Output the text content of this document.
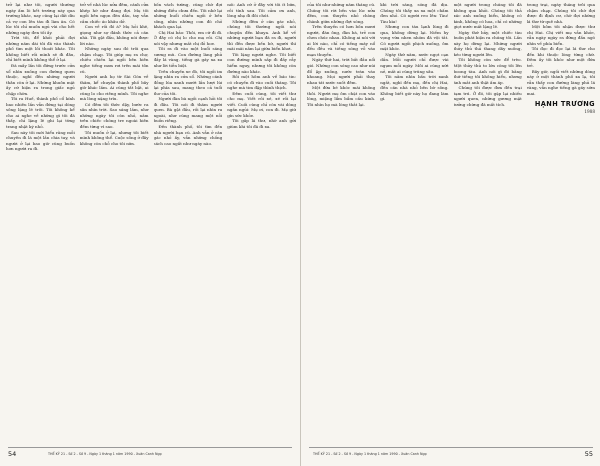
trở lại như tôi, người thường ngày ấm lò hết trường này qua trường khác, nay cũng lại dắt díu cả vợ con lên tàu đi làm ăn. Có lúc tôi chỉ muốn ngủ vùi cho hết những ngày đen tối ấy.

Trời tôi, để khỏi phải đợi những năm dài tôi đã vào thành phố tìm một lối thoát khác. Tôi không biết rồi mình sẽ đi đâu, chỉ biết mình không thể ở lại.

Đã mấy lần tôi đứng trước cửa sổ nhìn xuống con đường quen thuộc, nghĩ đến những người thân còn ở lại. Những khuôn mặt ấy cứ hiện ra trong giấc ngủ chập chờn.

Tôi ra Huế, thành phố cổ kính bao nhiêu lần vẫn đứng tại dòng sông lặng lẽ trôi. Tôi không kể cho ai nghe về những gì tôi đã thấy, chỉ lặng lẽ ghi lại từng trang nhật ký nhỏ.

Sau này tôi mới hiểu rằng mỗi chuyến đi là một lần chia tay, và người ở lại bao giờ cũng buồn hơn người ra đi.

trở về nhà lúc nửa đêm, cánh cửa khép hờ như đang đợi. Mẹ tôi ngồi bên ngọn đèn dầu, tay vẫn cầm chiếc áo khâu dở.

Con về rồi đó à? Mẹ hỏi khẽ, giọng như sợ đánh thức cả căn nhà. Tôi gật đầu, không nói được lời nào.

Những ngày sau đó trôi qua chậm chạp. Tôi giúp mẹ ra chợ, chiều chiều lại ngồi bên hiên nghe tiếng mưa rơi trên mái tôn cũ.

Người anh họ từ Sài Gòn về thăm, kể chuyện thành phố bây giờ khác lắm. Ai cũng tất bật, ai cũng lo cho riêng mình. Tôi nghe mà lòng nặng trĩu.

Có đêm tôi thức dậy, bước ra sân nhìn trời. Sao sáng lắm, như những ngày tôi còn nhỏ, nằm trên chiếc chõng tre ngoài hiên đếm từng vì sao.

Tôi muốn ở lại, nhưng tôi biết mình không thể. Cuộc sống ở đây không còn chỗ cho tôi nữa.

bốn vách tường, cũng chờ đợi những điều chưa đến. Tôi nhớ lại những buổi chiều ngồi ở bến sông, nhìn những con đò chở khách qua lại.

Chị Hai bảo: Thôi, em cứ đi đi. Ở đây có chị lo cho mẹ rồi. Chị nói vậy nhưng mắt chị đỏ hoe.

Tôi ra đi vào một buổi sáng sương mù. Con đường làng phủ đầy lá vàng, tiếng gà gáy xa xa như lời tiễn biệt.

Trên chuyến xe đò, tôi ngồi im lặng nhìn ra cửa sổ. Những cánh đồng lúa xanh mướt lần lượt lùi lại phía sau, mang theo cả tuổi thơ của tôi.

Người đàn bà ngồi cạnh hỏi tôi đi đâu. Tôi nói đi thăm người quen. Bà gật đầu, rồi lại nhìn ra ngoài, như cũng mang một nỗi buồn riêng.

Đến thành phố, tôi tìm đến nhà người bạn cũ. Anh vẫn ở căn gác nhỏ ấy, vẫn những chồng sách cao ngất như ngày nào.

nói: Anh cứ ở đây với tôi ít bữa, rồi tính sau. Tôi cảm ơn anh, lòng nhẹ đi đôi chút.

Những đêm ở căn gác nhỏ, chúng tôi thường ngồi nói chuyện đến khuya. Anh kể về những người bạn đã ra đi, người thì đến được bến bờ, người thì mãi mãi nằm lại giữa biển khơi.

Tôi lặng người nghe. Tôi biết con đường mình sắp đi đầy rẫy hiểm nguy, nhưng tôi không còn đường nào khác.

Rồi một hôm anh về báo tin: có chuyến đi vào cuối tháng. Tôi nghe mà tim đập thình thịch.

Đêm cuối cùng, tôi viết thư cho mẹ. Viết rồi xé, xé rồi lại viết. Cuối cùng chỉ còn vài dòng ngắn ngủi: Mẹ ơi, con đi. Mẹ giữ gìn sức khỏe.

Tôi gấp lá thư, nhờ anh gửi giùm khi tôi đã đi xa.

54	THẾ KỶ 21 - Số 2 - Số 9 - Ngày 1 tháng 1 năm 1990 - Xuân Canh Ngọ

của tôi như những năm tháng cũ. Chúng tôi rời bến vào lúc nửa đêm, con thuyền nhỏ chòng chành giữa những đợt sóng.

Trên thuyền có hơn bốn mươi người, đàn ông, đàn bà, trẻ con chen chúc nhau. Không ai nói với ai lời nào, chỉ có tiếng máy nổ đều đều và tiếng sóng vỗ vào mạn thuyền.

Ngày thứ hai, trời bắt đầu nổi gió. Những con sóng cao như núi đổ ập xuống, nước tràn vào khoang. Mọi người phải thay nhau tát nước suốt đêm.

Một đứa bé khóc mãi không thôi. Người mẹ ôm chặt con vào lòng, miệng lẩm bẩm cầu kinh. Tôi nhìn họ mà lòng thắt lại.

khi trời sáng, sóng đã dịu. Chúng tôi thấy xa xa một chấm đen nhỏ. Có người reo lên: Tàu! Tàu kìa!

Nhưng con tàu lạnh lùng đi qua, không dừng lại. Niềm hy vọng vừa nhen nhóm đã vội tắt. Có người ngồi phịch xuống, ôm mặt khóc.

Ngày thứ năm, nước ngọt cạn dần. Mỗi người chỉ được vài ngụm mỗi ngày. Môi ai cũng nứt nẻ, mắt ai cũng trũng sâu.

Tôi nằm nhìn bầu trời xanh ngắt, nghĩ đến mẹ, đến chị Hai, đến căn nhà nhỏ bên bờ sông. Không biết giờ này họ đang làm gì.

một người trong chúng tôi đã không qua khỏi. Chúng tôi thả xác anh xuống biển, không có kinh, không có hoa, chỉ có những giọt nước mắt lặng lẽ.

Ngày thứ bảy, một chiếc tàu buôn phát hiện ra chúng tôi. Lần này họ dừng lại. Những người thủy thủ thả thang dây xuống, kéo từng người lên.

Tôi không còn sức để trèo. Một thủy thủ to lớn cõng tôi lên boong tàu. Anh nói gì đó bằng thứ tiếng tôi không hiểu, nhưng ánh mắt anh thật ấm áp.

Chúng tôi được đưa đến trại tạm trú. Ở đó, tôi gặp lại nhiều người quen, những gương mặt tưởng chừng đã mất tích.

trong trại, ngày tháng trôi qua chậm chạp. Chúng tôi chờ đợi được đi định cư, chờ đợi những lá thư từ quê nhà.

Một hôm tôi nhận được thư chị Hai. Chị viết mẹ vẫn khỏe, vẫn ngày ngày ra đứng đầu ngõ nhìn về phía biển.

Tôi đọc đi đọc lại lá thư cho đến khi thuộc lòng từng chữ. Đêm ấy tôi khóc như một đứa trẻ.

Bây giờ, ngồi viết những dòng này ở một thành phố xa lạ, tôi vẫn thấy con đường làng phủ lá vàng, vẫn nghe tiếng gà gáy sớm mai.

HẠNH TRƯƠNG
1988
THẾ KỶ 21 - Số 2 - Số 9 - Ngày 1 tháng 1 năm 1990 - Xuân Canh Ngọ	55
